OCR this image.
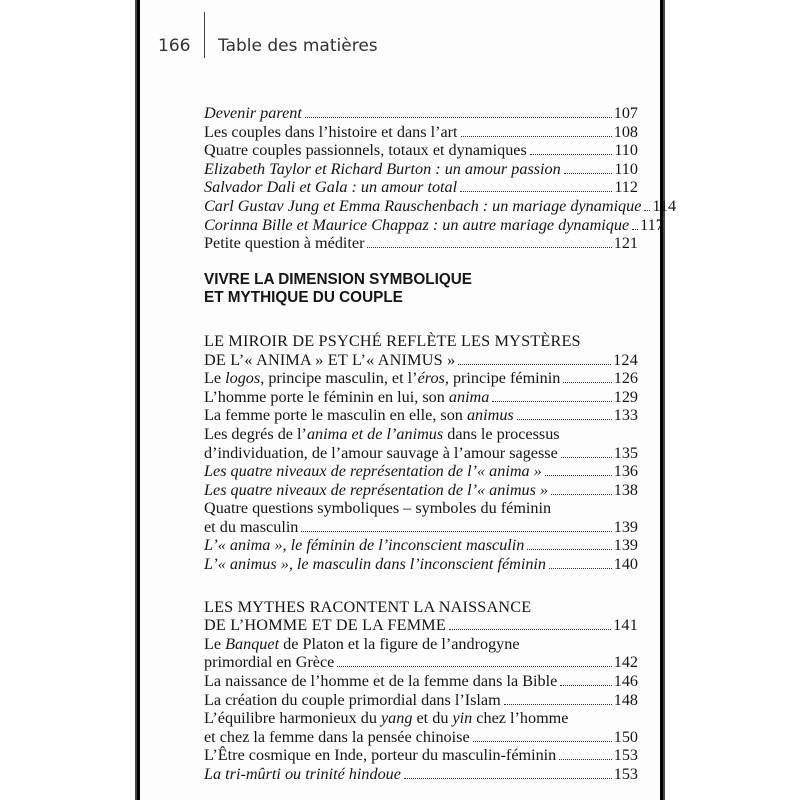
166 Table des matières
Devenir parent	107
Les couples dans l’histoire et dans l’art	108
Quatre couples passionnels, totaux et dynamiques	110
Elizabeth Taylor et Richard Burton : un amour passion	110
Salvador Dali et Gala : un amour total	112
Carl Gustav Jung et Emma Rauschenbach : un mariage dynamique 114
Corinna Bille et Maurice Chappaz : un autre mariage dynamique 117
Petite question à méditer	121
VIVRE LA DIMENSION SYMBOLIQUE
ET MYTHIQUE DU COUPLE
LE MIROIR DE PSYCHÉ REFLÈTE LES MYSTÈRES
DE L’« ANIMA » ET L’« ANIMUS »	124
Le logos, principe masculin, et l’éros, principe féminin	126
L’homme porte le féminin en lui, son anima	129
La femme porte le masculin en elle, son animus	133
Les degrés de l’anima et de l’animus dans le processus
d’individuation, de l’amour sauvage à l’amour sagesse	135
Les quatre niveaux de représentation de l’« anima »	136
Les quatre niveaux de représentation de l’« animus »	138
Quatre questions symboliques – symboles du féminin
et du masculin	139
L’« anima », le féminin de l’inconscient masculin	139
L’« animus », le masculin dans l’inconscient féminin	140
LES MYTHES RACONTENT LA NAISSANCE
DE L’HOMME ET DE LA FEMME	141
Le Banquet de Platon et la figure de l’androgyne
primordial en Grèce	142
La naissance de l’homme et de la femme dans la Bible	146
La création du couple primordial dans l’Islam	148
L’équilibre harmonieux du yang et du yin chez l’homme
et chez la femme dans la pensée chinoise	150
L’Être cosmique en Inde, porteur du masculin-féminin	153
La tri-mûrti ou trinité hindoue	153
